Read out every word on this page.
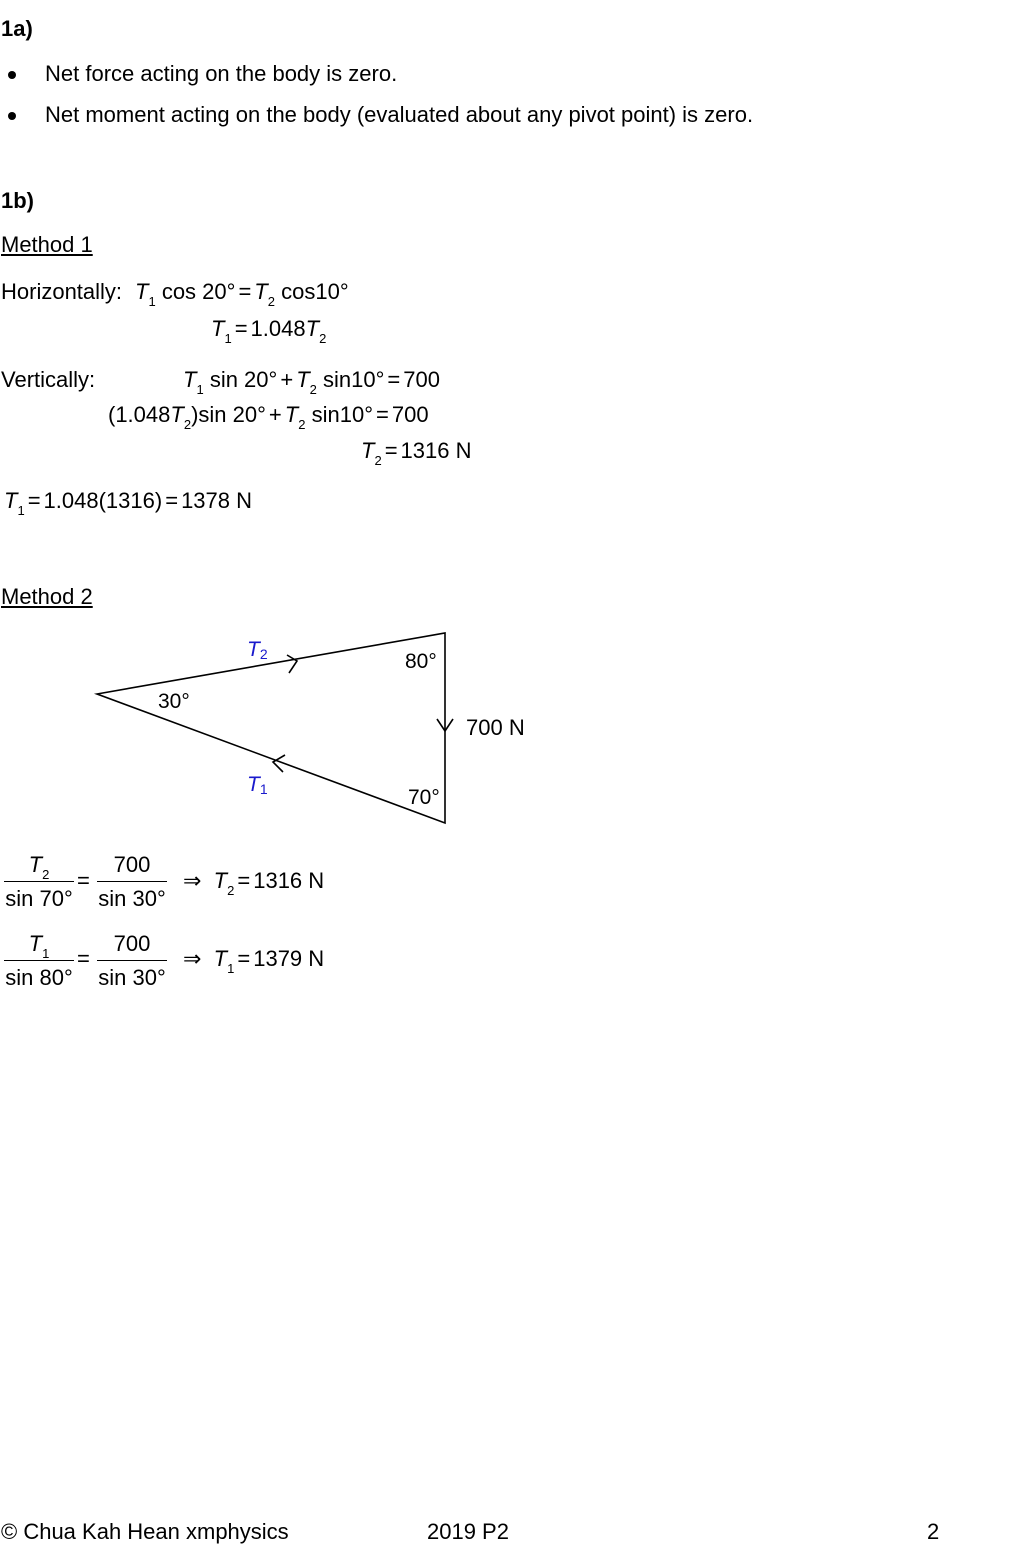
1a)
Net force acting on the body is zero.
Net moment acting on the body (evaluated about any pivot point) is zero.
1b)
Method 1
Horizontally: $T_1$ $\cos 20^\circ = T_2$ cos10°
$T_1 = 1.048T_2$
Vertically:	$T_1$ $\sin 20^\circ + T_2$ sin10° = 700
$(1.048T_2)\sin$ $20^\circ + T_2$ sin10° = 700
$T_2 = 1316$ N
$T_1 = 1.048(1316) = 1378$ N
Method 2
T2
T1
30°
80°
70°
700 N
$T_2$
sin 70°
=
700
sin 30°
⇒ $T_2 = 1316$ N
$T_1$
sin 80°
=
700
sin 30°
⇒ $T_1 = 1379$ N
© Chua Kah Hean xmphysics	2019 P2	2
